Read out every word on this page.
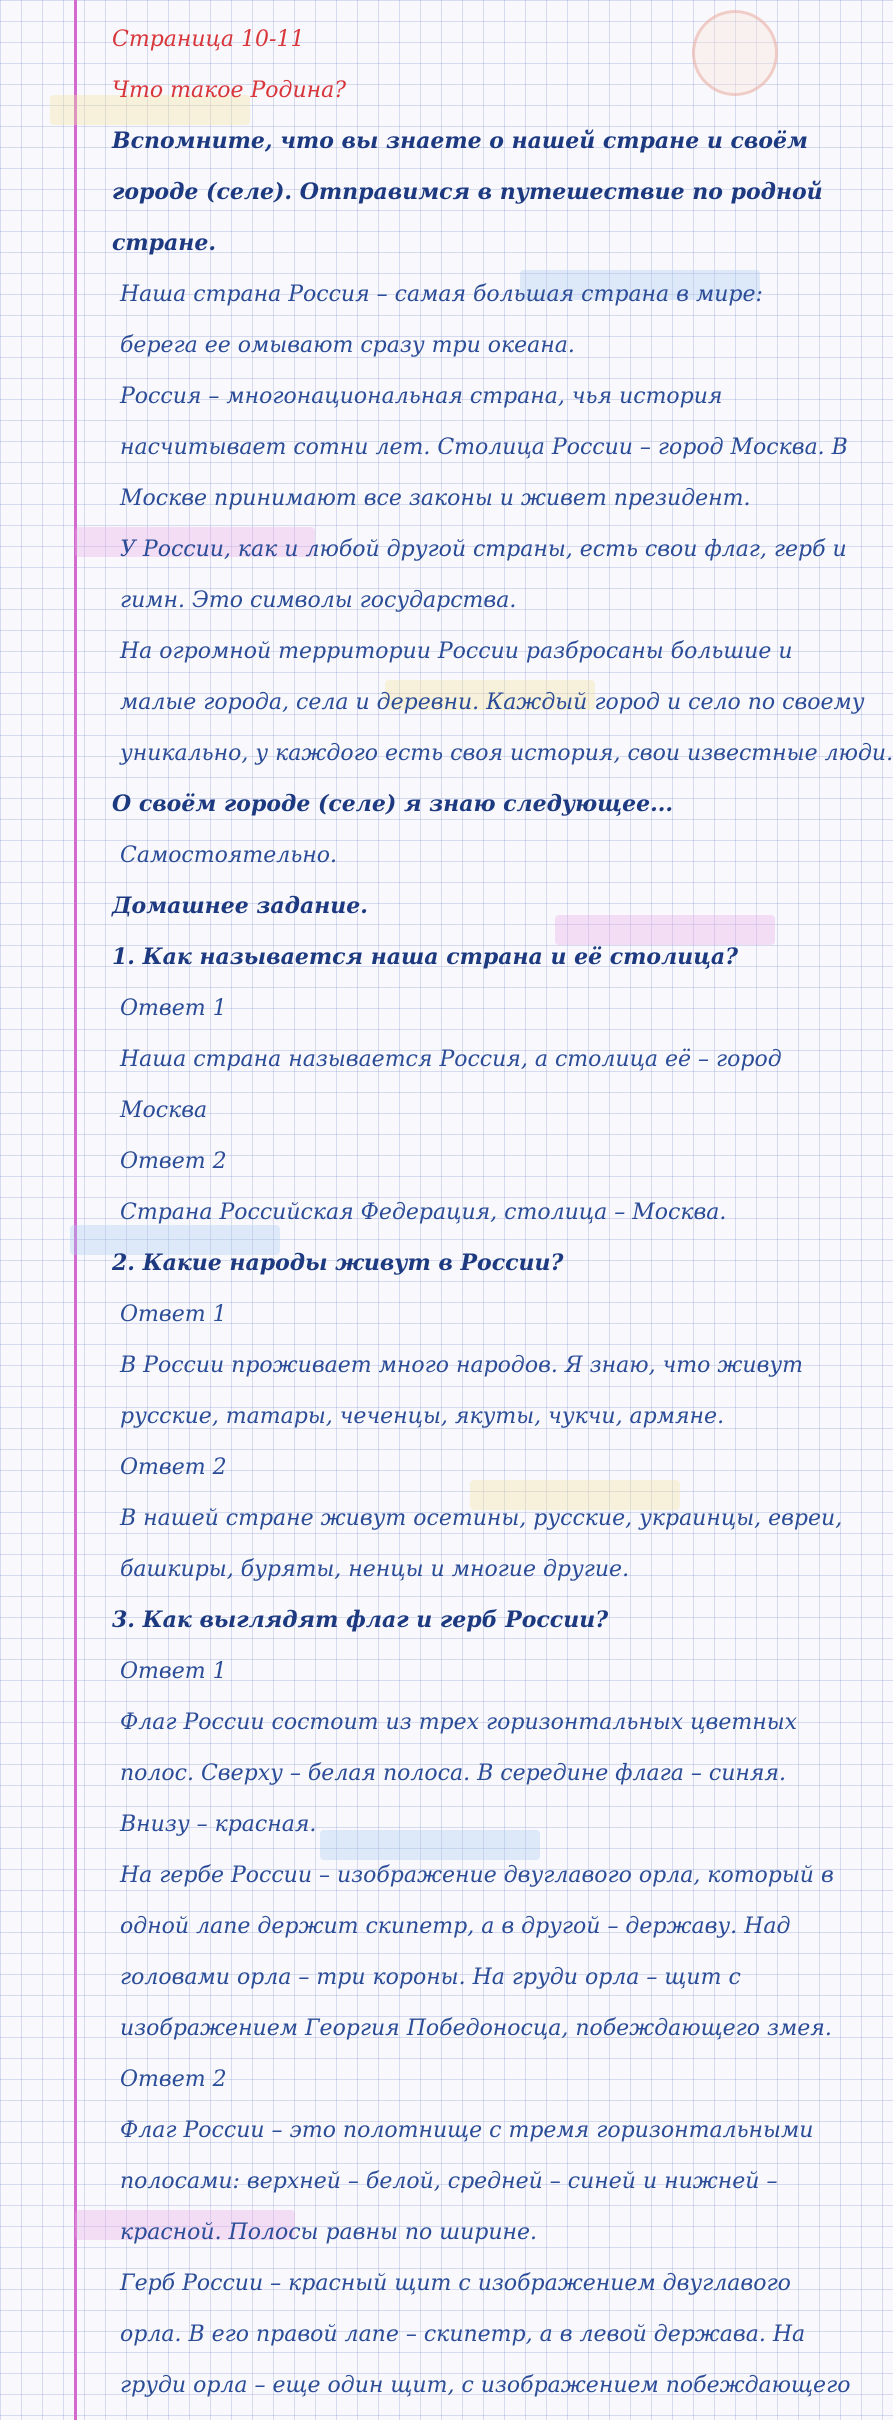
Страница 10-11
Что такое Родина?
Вспомните, что вы знаете о нашей стране и своём
городе (селе). Отправимся в путешествие по родной
стране.
Наша страна Россия – самая большая страна в мире:
берега ее омывают сразу три океана.
Россия – многонациональная страна, чья история
насчитывает сотни лет. Столица России – город Москва. В
Москве принимают все законы и живет президент.
У России, как и любой другой страны, есть свои флаг, герб и
гимн. Это символы государства.
На огромной территории России разбросаны большие и
малые города, села и деревни. Каждый город и село по своему
уникально, у каждого есть своя история, свои известные люди.
О своём городе (селе) я знаю следующее...
Самостоятельно.
Домашнее задание.
1. Как называется наша страна и её столица?
Ответ 1
Наша страна называется Россия, а столица её – город
Москва
Ответ 2
Страна Российская Федерация, столица – Москва.
2. Какие народы живут в России?
Ответ 1
В России проживает много народов. Я знаю, что живут
русские, татары, чеченцы, якуты, чукчи, армяне.
Ответ 2
В нашей стране живут осетины, русские, украинцы, евреи,
башкиры, буряты, ненцы и многие другие.
3. Как выглядят флаг и герб России?
Ответ 1
Флаг России состоит из трех горизонтальных цветных
полос. Сверху – белая полоса. В середине флага – синяя.
Внизу – красная.
На гербе России – изображение двуглавого орла, который в
одной лапе держит скипетр, а в другой – державу. Над
головами орла – три короны. На груди орла – щит с
изображением Георгия Победоносца, побеждающего змея.
Ответ 2
Флаг России – это полотнище с тремя горизонтальными
полосами: верхней – белой, средней – синей и нижней –
красной. Полосы равны по ширине.
Герб России – красный щит с изображением двуглавого
орла. В его правой лапе – скипетр, а в левой держава. На
груди орла – еще один щит, с изображением побеждающего
